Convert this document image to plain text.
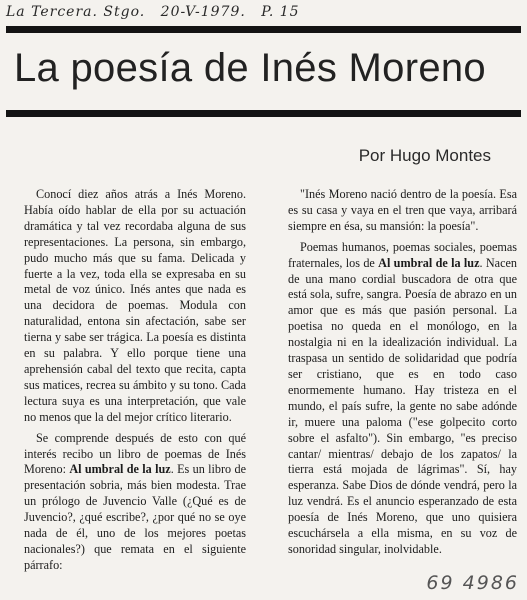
La Tercera. Stgo. 20-V-1979. P. 15
La poesía de Inés Moreno
Por Hugo Montes

Conocí diez años atrás a Inés Moreno. Había oído hablar de ella por su actuación dramática y tal vez recordaba alguna de sus representaciones. La persona, sin embargo, pudo mucho más que su fama. Delicada y fuerte a la vez, toda ella se expresaba en su metal de voz único. Inés antes que nada es una decidora de poemas. Modula con naturalidad, entona sin afectación, sabe ser tierna y sabe ser trágica. La poesía es distinta en su palabra. Y ello porque tiene una aprehensión cabal del texto que recita, capta sus matices, recrea su ámbito y su tono. Cada lectura suya es una interpretación, que vale no menos que la del mejor crítico literario.

Se comprende después de esto con qué interés recibo un libro de poemas de Inés Moreno: Al umbral de la luz. Es un libro de presentación sobria, más bien modesta. Trae un prólogo de Juvencio Valle (¿Qué es de Juvencio?, ¿qué escribe?, ¿por qué no se oye nada de él, uno de los mejores poetas nacionales?) que remata en el siguiente párrafo:

"Inés Moreno nació dentro de la poesía. Esa es su casa y vaya en el tren que vaya, arribará siempre en ésa, su mansión: la poesía".

Poemas humanos, poemas sociales, poemas fraternales, los de Al umbral de la luz. Nacen de una mano cordial buscadora de otra que está sola, sufre, sangra. Poesía de abrazo en un amor que es más que pasión personal. La poetisa no queda en el monólogo, en la nostalgia ni en la idealización individual. La traspasa un sentido de solidaridad que podría ser cristiano, que es en todo caso enormemente humano. Hay tristeza en el mundo, el país sufre, la gente no sabe adónde ir, muere una paloma ("ese golpecito corto sobre el asfalto"). Sin embargo, "es preciso cantar/ mientras/ debajo de los zapatos/ la tierra está mojada de lágrimas". Sí, hay esperanza. Sabe Dios de dónde vendrá, pero la luz vendrá. Es el anuncio esperanzado de esta poesía de Inés Moreno, que uno quisiera escuchársela a ella misma, en su voz de sonoridad singular, inolvidable.

69 4986
